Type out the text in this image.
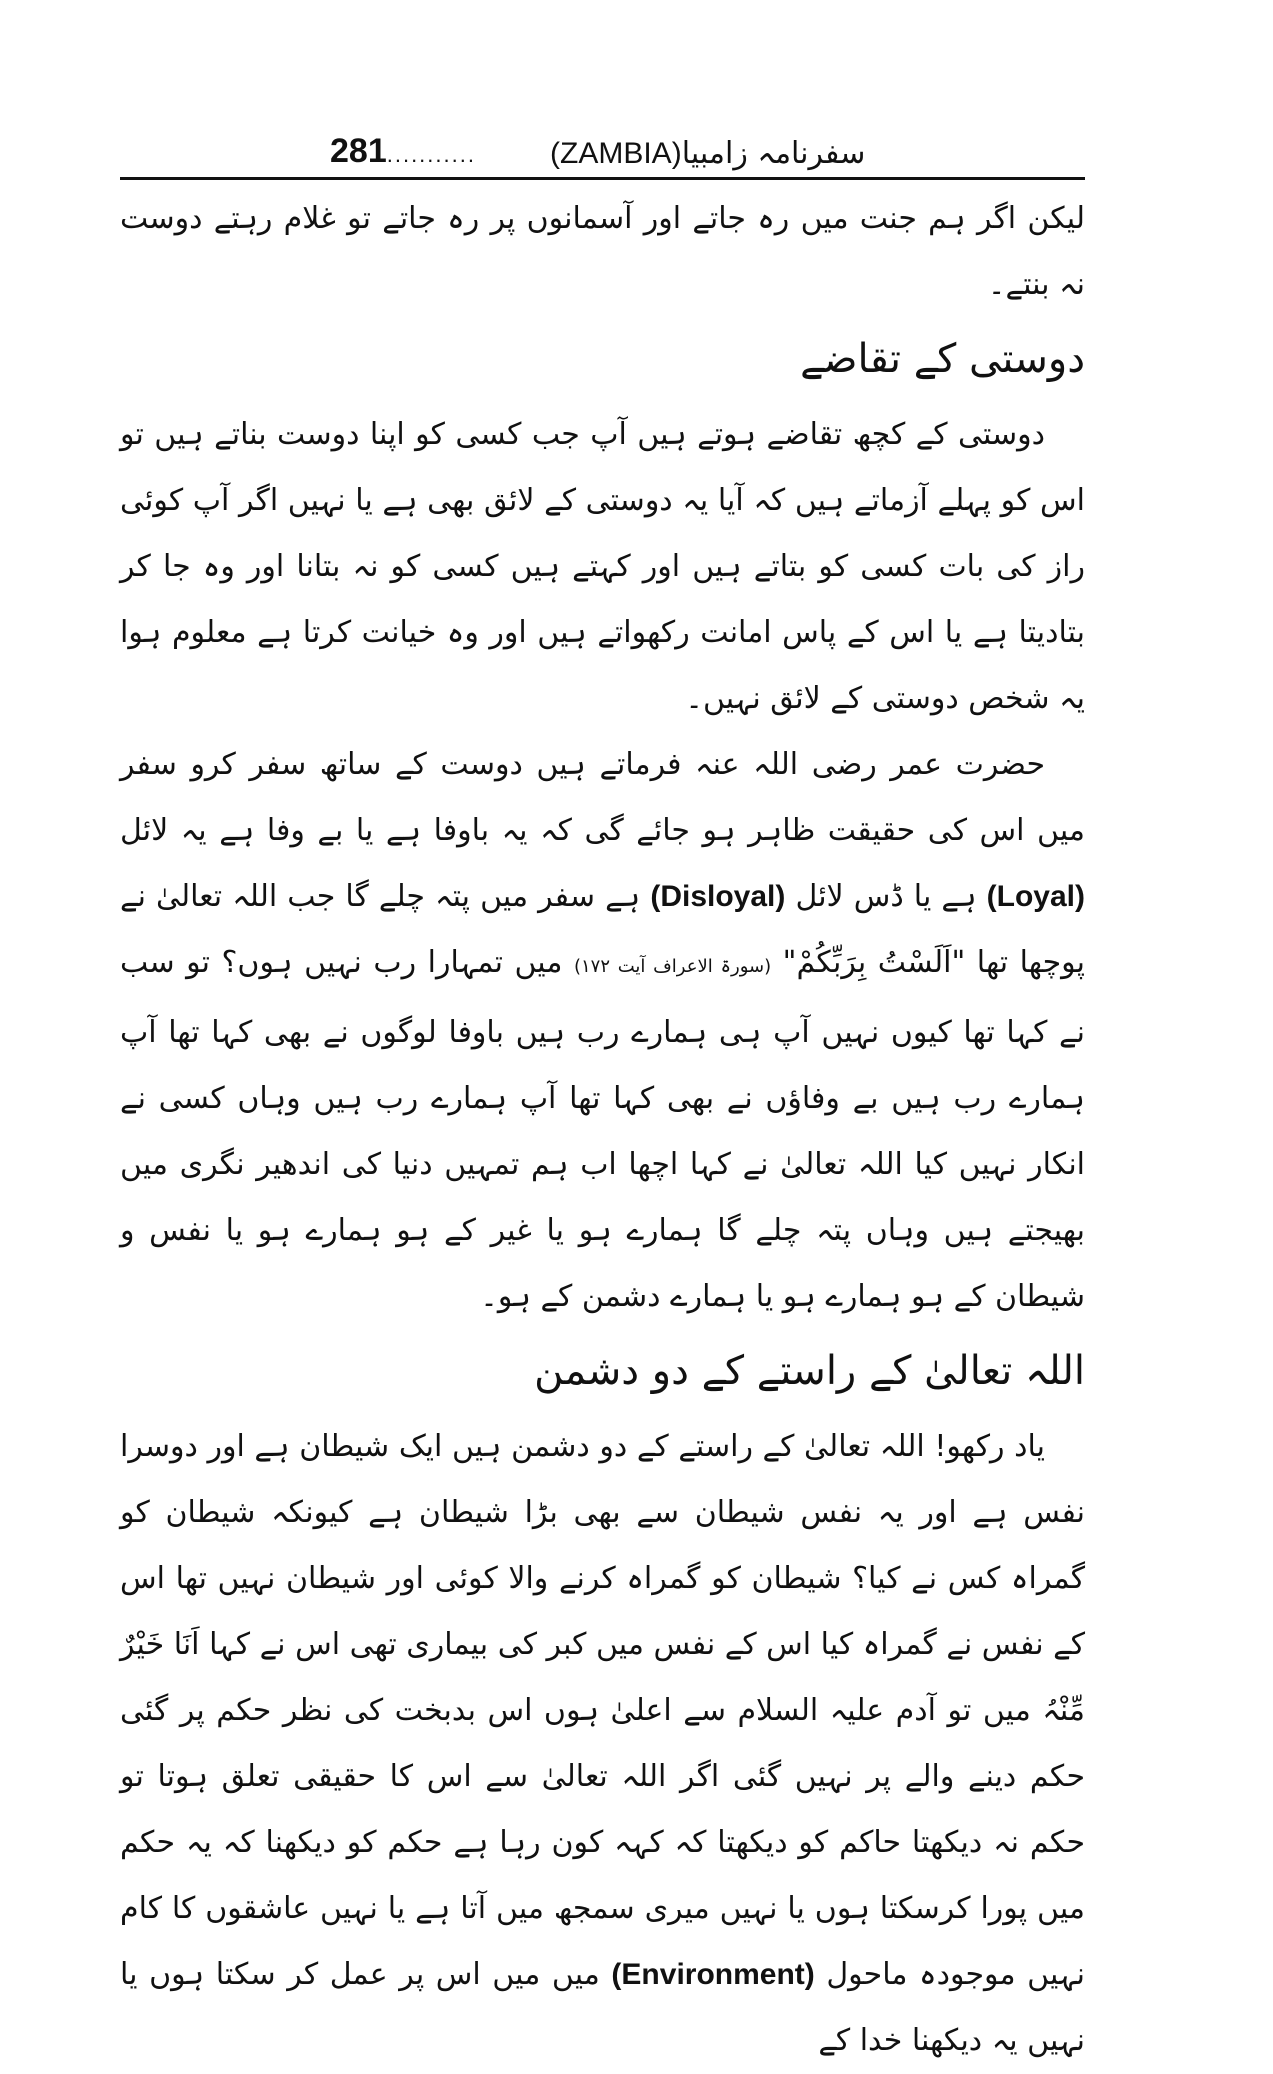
281...........	سفرنامہ زامبیا(ZAMBIA)

لیکن اگر ہم جنت میں رہ جاتے اور آسمانوں پر رہ جاتے تو غلام رہتے دوست نہ بنتے۔

دوستی کے تقاضے

دوستی کے کچھ تقاضے ہوتے ہیں آپ جب کسی کو اپنا دوست بناتے ہیں تو اس کو پہلے آزماتے ہیں کہ آیا یہ دوستی کے لائق بھی ہے یا نہیں اگر آپ کوئی راز کی بات کسی کو بتاتے ہیں اور کہتے ہیں کسی کو نہ بتانا اور وہ جا کر بتادیتا ہے یا اس کے پاس امانت رکھواتے ہیں اور وہ خیانت کرتا ہے معلوم ہوا یہ شخص دوستی کے لائق نہیں۔

حضرت عمر رضی اللہ عنہ فرماتے ہیں دوست کے ساتھ سفر کرو سفر میں اس کی حقیقت ظاہر ہو جائے گی کہ یہ باوفا ہے یا بے وفا ہے یہ لائل (Loyal) ہے یا ڈس لائل (Disloyal) ہے سفر میں پتہ چلے گا جب اللہ تعالیٰ نے پوچھا تھا "اَلَسْتُ بِرَبِّکُمْ" (سورۃ الاعراف آیت ۱۷۲) میں تمہارا رب نہیں ہوں؟ تو سب نے کہا تھا کیوں نہیں آپ ہی ہمارے رب ہیں باوفا لوگوں نے بھی کہا تھا آپ ہمارے رب ہیں بے وفاؤں نے بھی کہا تھا آپ ہمارے رب ہیں وہاں کسی نے انکار نہیں کیا اللہ تعالیٰ نے کہا اچھا اب ہم تمہیں دنیا کی اندھیر نگری میں بھیجتے ہیں وہاں پتہ چلے گا ہمارے ہو یا غیر کے ہو ہمارے ہو یا نفس و شیطان کے ہو ہمارے ہو یا ہمارے دشمن کے ہو۔

اللہ تعالیٰ کے راستے کے دو دشمن

یاد رکھو! اللہ تعالیٰ کے راستے کے دو دشمن ہیں ایک شیطان ہے اور دوسرا نفس ہے اور یہ نفس شیطان سے بھی بڑا شیطان ہے کیونکہ شیطان کو گمراہ کس نے کیا؟ شیطان کو گمراہ کرنے والا کوئی اور شیطان نہیں تھا اس کے نفس نے گمراہ کیا اس کے نفس میں کبر کی بیماری تھی اس نے کہا اَنَا خَیْرٌ مِّنْہُ میں تو آدم علیہ السلام سے اعلیٰ ہوں اس بدبخت کی نظر حکم پر گئی حکم دینے والے پر نہیں گئی اگر اللہ تعالیٰ سے اس کا حقیقی تعلق ہوتا تو حکم نہ دیکھتا حاکم کو دیکھتا کہ کہہ کون رہا ہے حکم کو دیکھنا کہ یہ حکم میں پورا کرسکتا ہوں یا نہیں میری سمجھ میں آتا ہے یا نہیں عاشقوں کا کام نہیں موجودہ ماحول (Environment) میں میں اس پر عمل کر سکتا ہوں یا نہیں یہ دیکھنا خدا کے
